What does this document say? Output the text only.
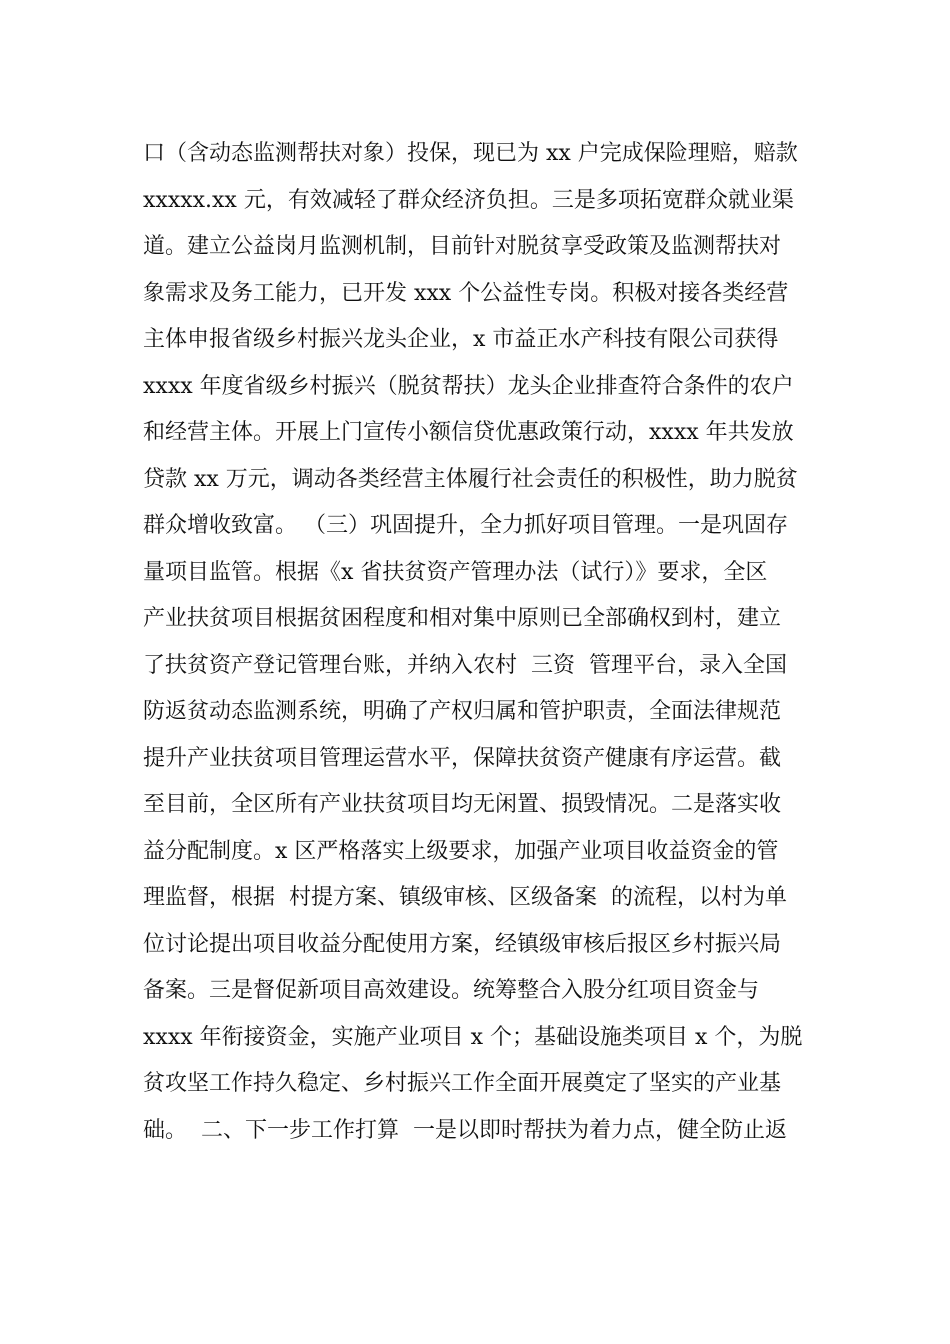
口（含动态监测帮扶对象）投保，现已为 xx 户完成保险理赔，赔款
xxxxx.xx 元，有效减轻了群众经济负担。三是多项拓宽群众就业渠
道。建立公益岗月监测机制，目前针对脱贫享受政策及监测帮扶对
象需求及务工能力，已开发 xxx 个公益性专岗。积极对接各类经营
主体申报省级乡村振兴龙头企业，x 市益正水产科技有限公司获得
xxxx 年度省级乡村振兴（脱贫帮扶）龙头企业排查符合条件的农户
和经营主体。开展上门宣传小额信贷优惠政策行动，xxxx 年共发放
贷款 xx 万元，调动各类经营主体履行社会责任的积极性，助力脱贫
群众增收致富。 （三）巩固提升，全力抓好项目管理。一是巩固存
量项目监管。根据《x 省扶贫资产管理办法（试行）》要求，全区
产业扶贫项目根据贫困程度和相对集中原则已全部确权到村，建立
了扶贫资产登记管理台账，并纳入农村  三资  管理平台，录入全国
防返贫动态监测系统，明确了产权归属和管护职责，全面法律规范
提升产业扶贫项目管理运营水平，保障扶贫资产健康有序运营。截
至目前，全区所有产业扶贫项目均无闲置、损毁情况。二是落实收
益分配制度。x 区严格落实上级要求，加强产业项目收益资金的管
理监督，根据  村提方案、镇级审核、区级备案  的流程，以村为单
位讨论提出项目收益分配使用方案，经镇级审核后报区乡村振兴局
备案。三是督促新项目高效建设。统筹整合入股分红项目资金与
xxxx 年衔接资金，实施产业项目 x 个；基础设施类项目 x 个，为脱
贫攻坚工作持久稳定、乡村振兴工作全面开展奠定了坚实的产业基
础。  二、下一步工作打算  一是以即时帮扶为着力点，健全防止返
